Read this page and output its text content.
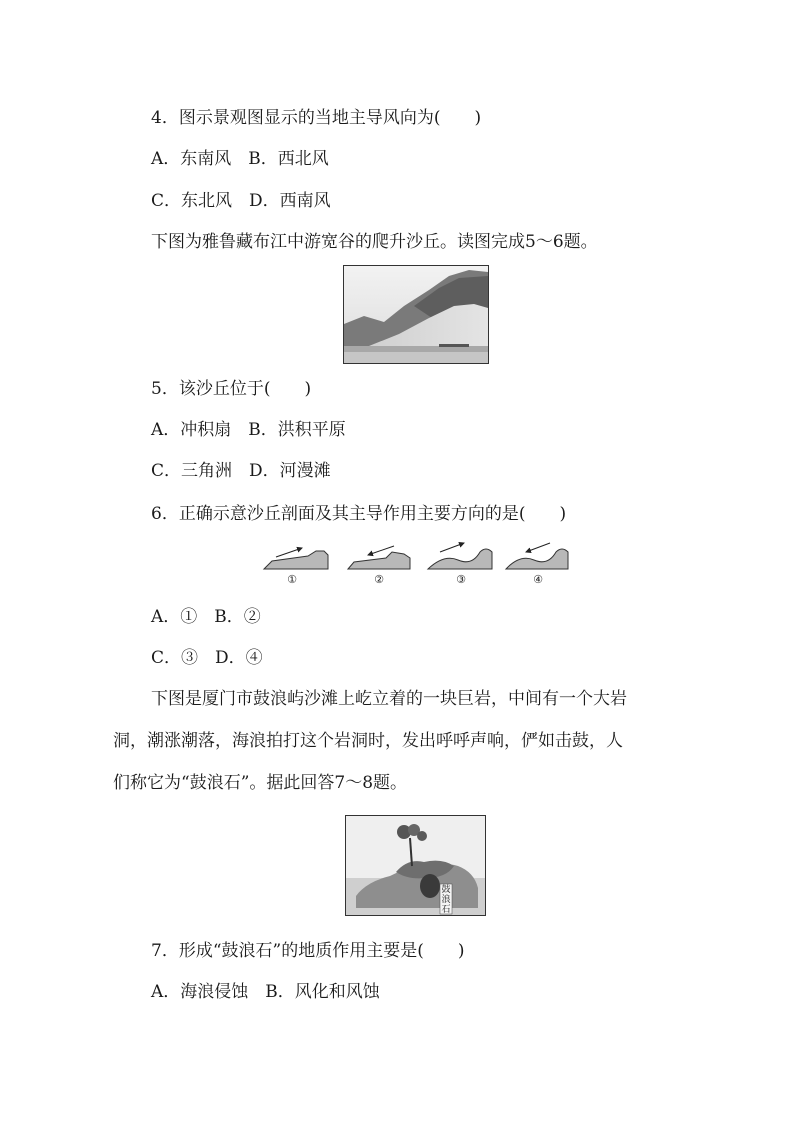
4．图示景观图显示的当地主导风向为(　　)
A．东南风　B．西北风
C．东北风　D．西南风
下图为雅鲁藏布江中游宽谷的爬升沙丘。读图完成5～6题。
5．该沙丘位于(　　)
A．冲积扇　B．洪积平原
C．三角洲　D．河漫滩
6．正确示意沙丘剖面及其主导作用主要方向的是(　　)
①	②	③	④
A．①　B．②
C．③　D．④
下图是厦门市鼓浪屿沙滩上屹立着的一块巨岩，中间有一个大岩
洞，潮涨潮落，海浪拍打这个岩洞时，发出呼呼声响，俨如击鼓，人
们称它为“鼓浪石”。据此回答7～8题。
鼓浪石
7．形成“鼓浪石”的地质作用主要是(　　)
A．海浪侵蚀　B．风化和风蚀
